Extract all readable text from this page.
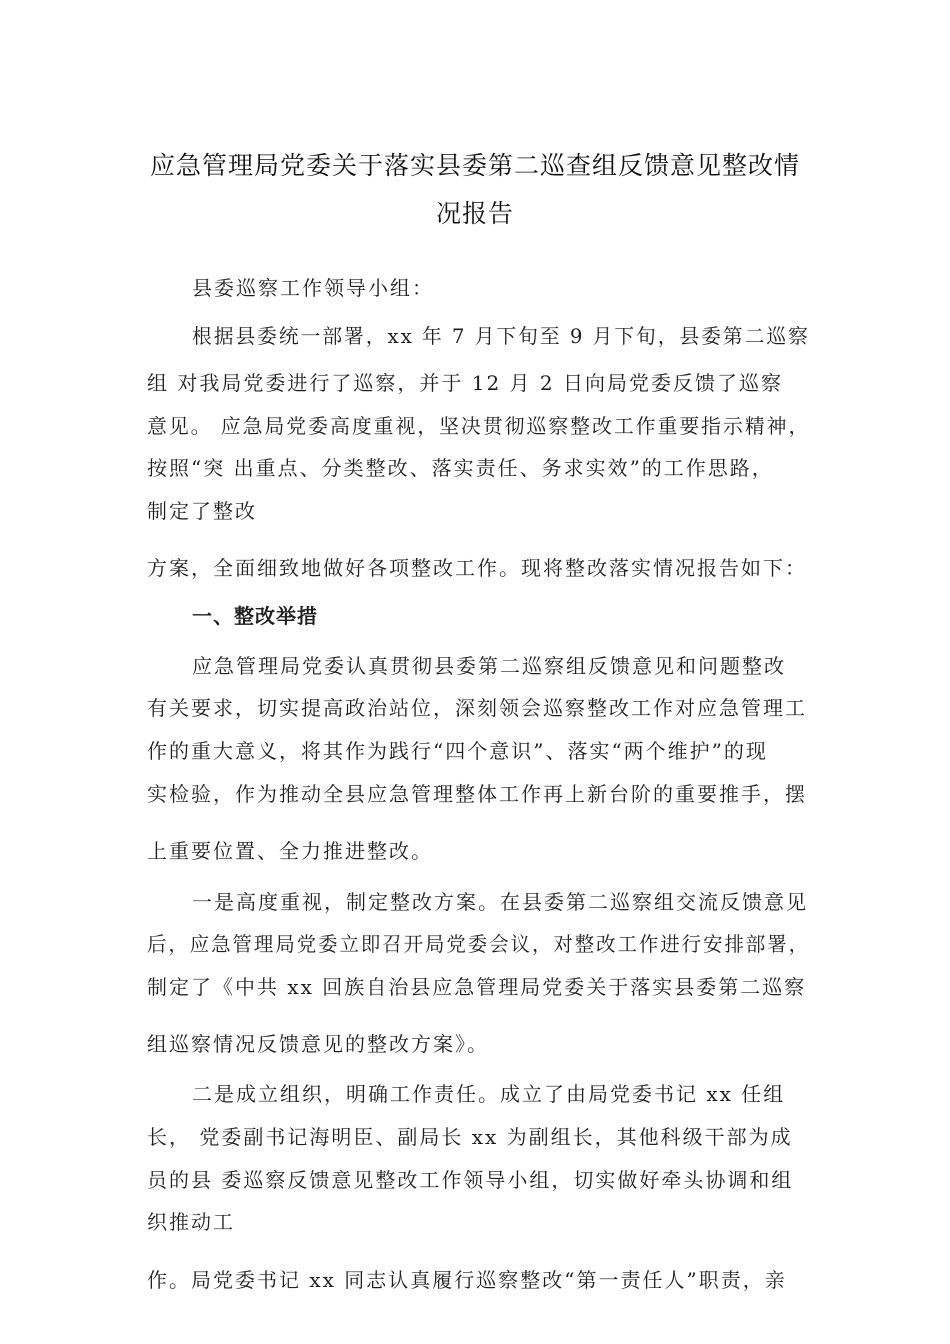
应急管理局党委关于落实县委第二巡查组反馈意见整改情
况报告
县委巡察工作领导小组：
根据县委统一部署，xx 年 7 月下旬至 9 月下旬，县委第二巡察
组 对我局党委进行了巡察，并于 12 月 2 日向局党委反馈了巡察
意见。 应急局党委高度重视，坚决贯彻巡察整改工作重要指示精神，
按照“突 出重点、分类整改、落实责任、务求实效”的工作思路，
制定了整改
方案，全面细致地做好各项整改工作。现将整改落实情况报告如下：
一、整改举措
应急管理局党委认真贯彻县委第二巡察组反馈意见和问题整改
有关要求，切实提高政治站位，深刻领会巡察整改工作对应急管理工
作的重大意义，将其作为践行“四个意识”、落实“两个维护”的现
实检验，作为推动全县应急管理整体工作再上新台阶的重要推手，摆
上重要位置、全力推进整改。
一是高度重视，制定整改方案。在县委第二巡察组交流反馈意见
后，应急管理局党委立即召开局党委会议，对整改工作进行安排部署，
制定了《中共 xx 回族自治县应急管理局党委关于落实县委第二巡察
组巡察情况反馈意见的整改方案》。
二是成立组织，明确工作责任。成立了由局党委书记 xx 任组
长， 党委副书记海明臣、副局长 xx 为副组长，其他科级干部为成
员的县 委巡察反馈意见整改工作领导小组，切实做好牵头协调和组
织推动工
作。局党委书记 xx 同志认真履行巡察整改“第一责任人”职责，亲
